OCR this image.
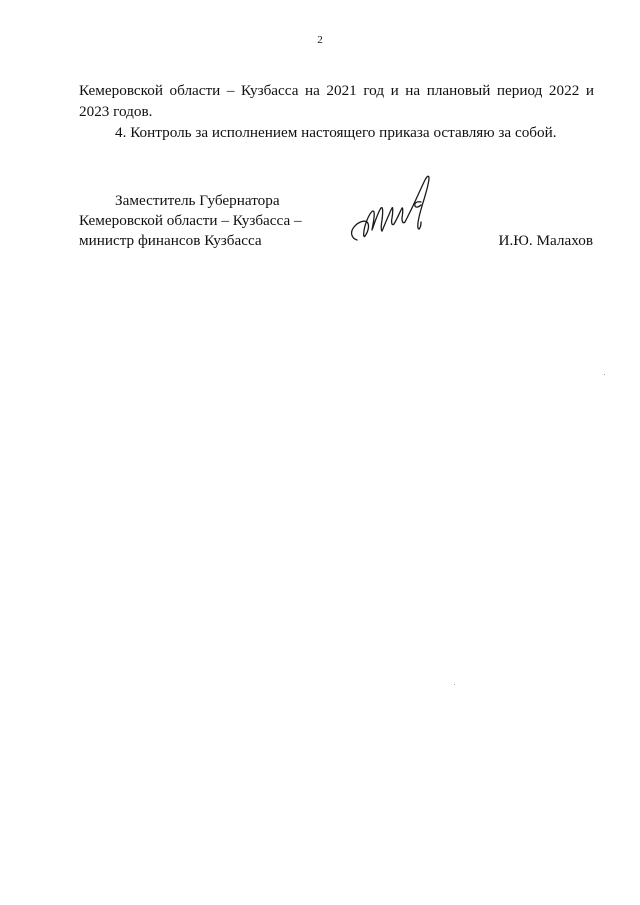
2

Кемеровской области – Кузбасса на 2021 год и на плановый период 2022 и
2023 годов.

4. Контроль за исполнением настоящего приказа оставляю за собой.

Заместитель Губернатора
Кемеровской области – Кузбасса –
министр финансов Кузбасса	И.Ю. Малахов
